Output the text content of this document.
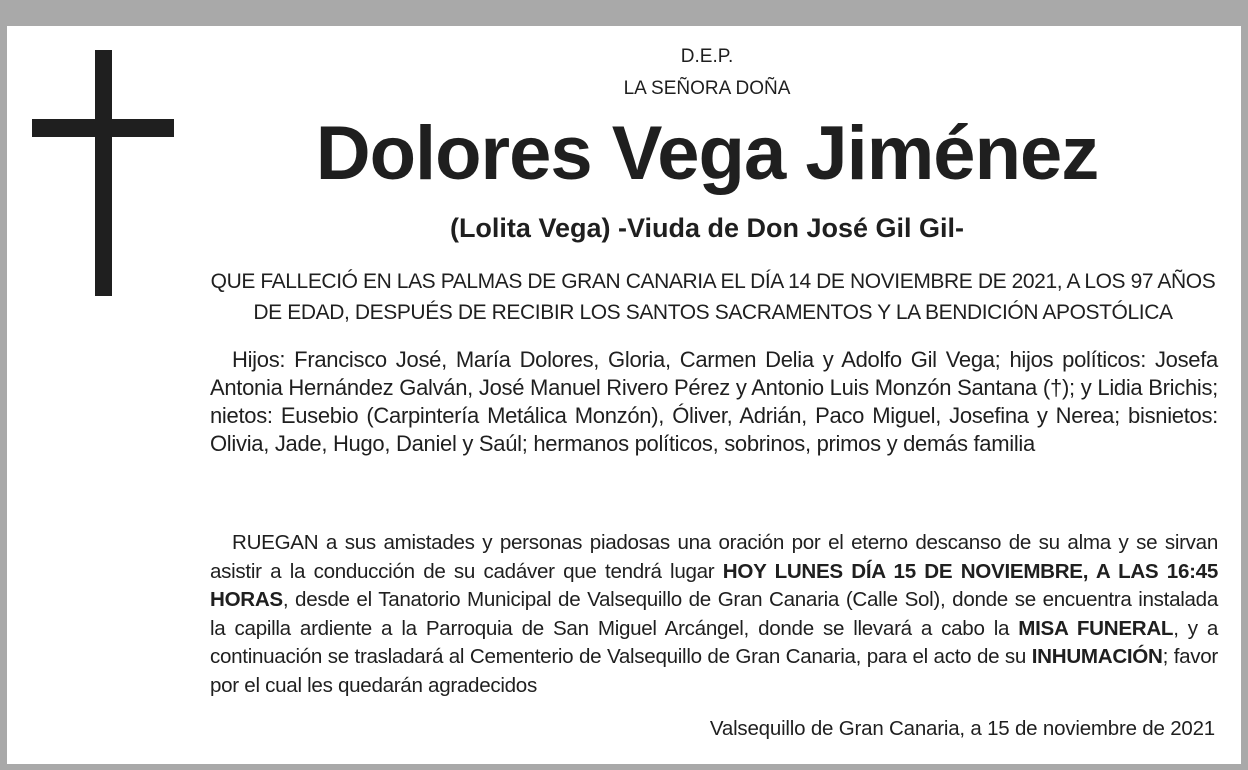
D.E.P.
LA SEÑORA DOÑA
Dolores Vega Jiménez
(Lolita Vega) -Viuda de Don José Gil Gil-
QUE FALLECIÓ EN LAS PALMAS DE GRAN CANARIA EL DÍA 14 DE NOVIEMBRE DE 2021, A LOS 97 AÑOS
DE EDAD, DESPUÉS DE RECIBIR LOS SANTOS SACRAMENTOS Y LA BENDICIÓN APOSTÓLICA
Hijos: Francisco José, María Dolores, Gloria, Carmen Delia y Adolfo Gil Vega; hijos políticos: Josefa Antonia Hernández Galván, José Manuel Rivero Pérez y Antonio Luis Monzón Santana (†); y Lidia Brichis; nietos: Eusebio (Carpintería Metálica Monzón), Óliver, Adrián, Paco Miguel, Josefina y Nerea; bisnietos: Olivia, Jade, Hugo, Daniel y Saúl; hermanos políticos, sobrinos, primos y demás familia
RUEGAN a sus amistades y personas piadosas una oración por el eterno descanso de su alma y se sirvan asistir a la conducción de su cadáver que tendrá lugar HOY LUNES DÍA 15 DE NOVIEMBRE, A LAS 16:45 HORAS, desde el Tanatorio Municipal de Valsequillo de Gran Canaria (Calle Sol), donde se encuentra instalada la capilla ardiente a la Parroquia de San Miguel Arcángel, donde se llevará a cabo la MISA FUNERAL, y a continuación se trasladará al Cementerio de Valsequillo de Gran Canaria, para el acto de su INHUMACIÓN; favor por el cual les quedarán agradecidos
Valsequillo de Gran Canaria, a 15 de noviembre de 2021
